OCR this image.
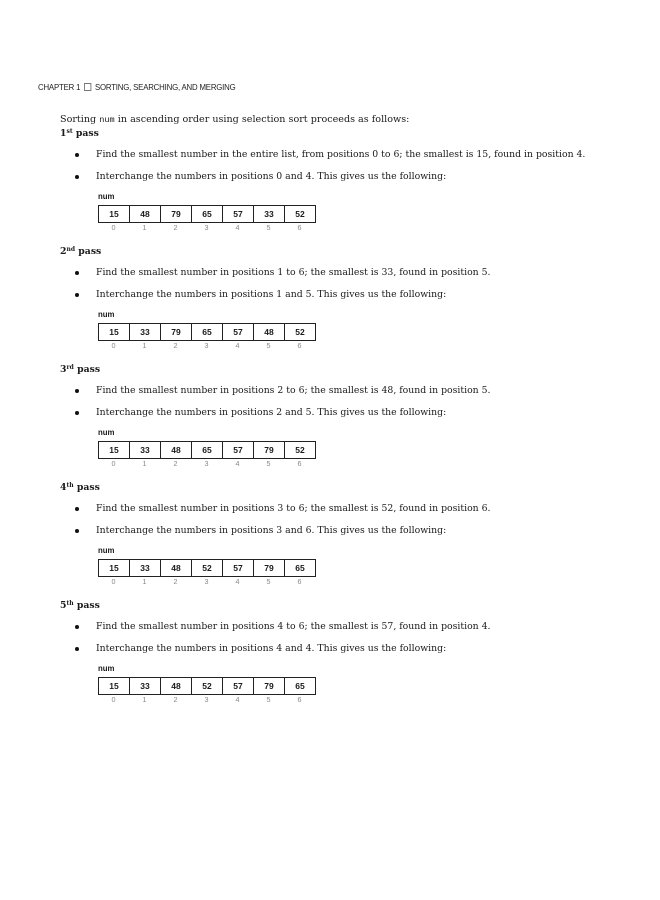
CHAPTER 1 SORTING, SEARCHING, AND MERGING
Sorting num in ascending order using selection sort proceeds as follows:
1st pass
Find the smallest number in the entire list, from positions 0 to 6; the smallest is 15, found in position 4.
Interchange the numbers in positions 0 and 4. This gives us the following:
num
15	48	79	65	57	33	52
0	1	2	3	4	5	6
2nd pass
Find the smallest number in positions 1 to 6; the smallest is 33, found in position 5.
Interchange the numbers in positions 1 and 5. This gives us the following:
num
15	33	79	65	57	48	52
0	1	2	3	4	5	6
3rd pass
Find the smallest number in positions 2 to 6; the smallest is 48, found in position 5.
Interchange the numbers in positions 2 and 5. This gives us the following:
num
15	33	48	65	57	79	52
0	1	2	3	4	5	6
4th pass
Find the smallest number in positions 3 to 6; the smallest is 52, found in position 6.
Interchange the numbers in positions 3 and 6. This gives us the following:
num
15	33	48	52	57	79	65
0	1	2	3	4	5	6
5th pass
Find the smallest number in positions 4 to 6; the smallest is 57, found in position 4.
Interchange the numbers in positions 4 and 4. This gives us the following:
num
15	33	48	52	57	79	65
0	1	2	3	4	5	6
